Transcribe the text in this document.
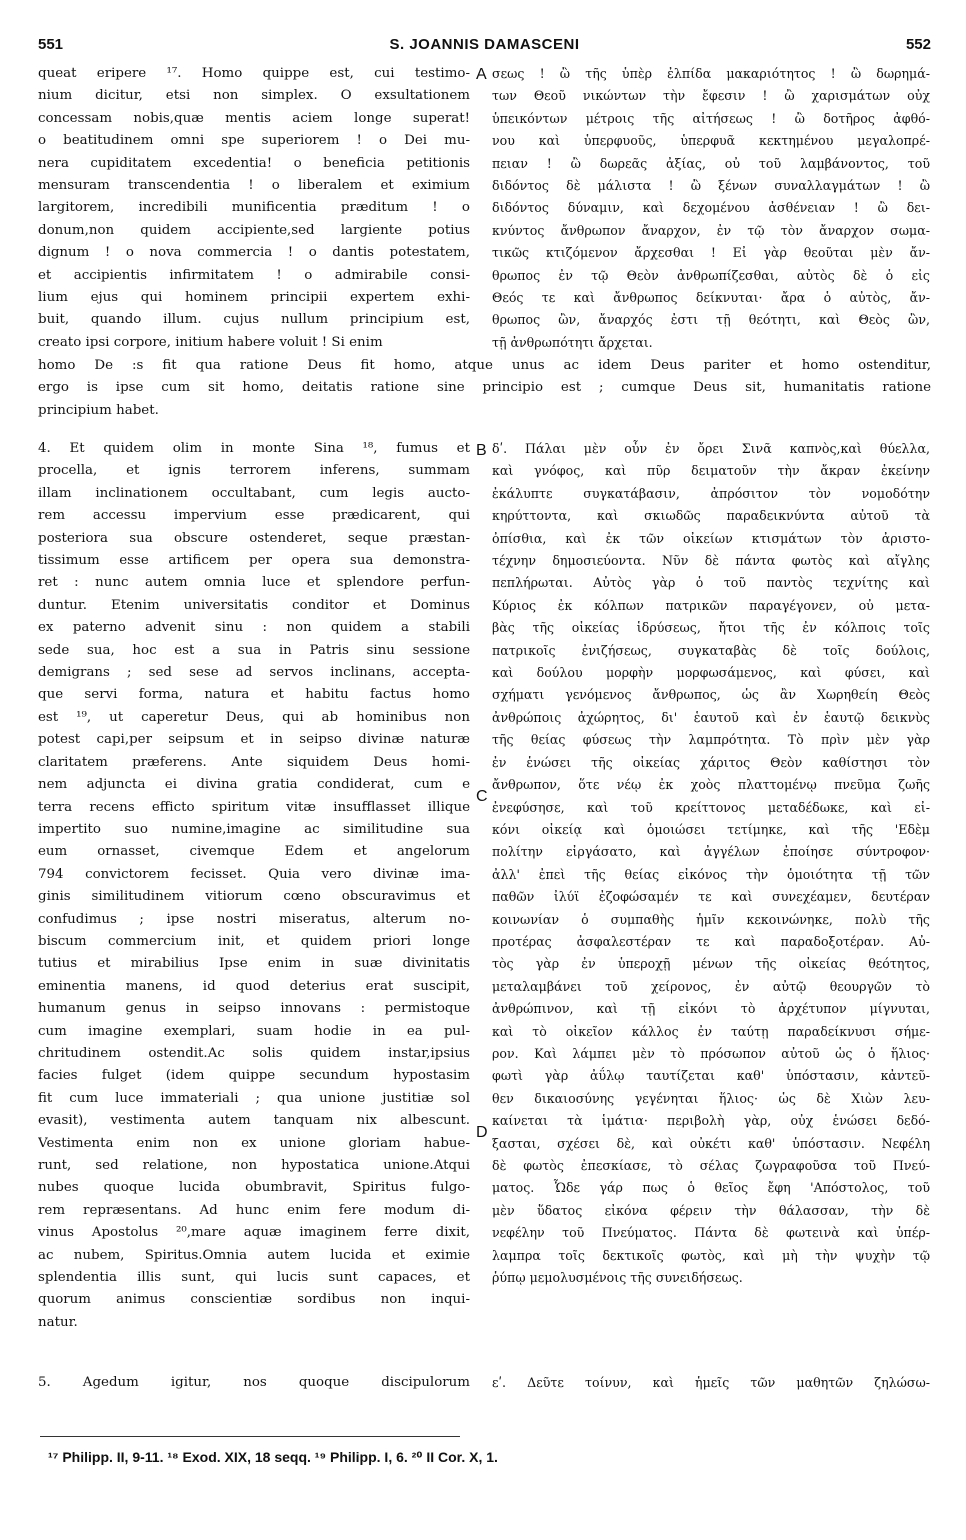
551	S. JOANNIS DAMASCENI	552
queat eripere ¹⁷. Homo quippe est, cui testimo-
nium dicitur, etsi non simplex. O exsultationem
concessam nobis,quæ mentis aciem longe superat!
o beatitudinem omni spe superiorem ! o Dei mu-
nera cupiditatem excedentia! o beneficia petitionis
mensuram transcendentia ! o liberalem et eximium
largitorem, incredibili munificentia præditum ! o
donum,non quidem accipiente,sed largiente potius
dignum ! o nova commercia ! o dantis potestatem,
et accipientis infirmitatem ! o admirabile consi-
lium ejus qui hominem principii expertem exhi-
buit, quando illum. cujus nullum principium est,
creato ipsi corpore, initium habere voluit ! Si enim
σεως ! ὢ τῆς ὑπὲρ ἐλπίδα μακαριότητος ! ὢ δωρημά-
των Θεοῦ νικώντων τὴν ἔφεσιν ! ὢ χαρισμάτων οὐχ
ὑπεικόντων μέτροις τῆς αἰτήσεως ! ὢ δοτῆρος ἀφθό-
νου καὶ ὑπερφυοῦς, ὑπερφυᾶ κεκτημένου μεγαλοπρέ-
πειαν ! ὢ δωρεᾶς ἀξίας, οὐ τοῦ λαμβάνοντος, τοῦ
διδόντος δὲ μάλιστα ! ὢ ξένων συναλλαγμάτων ! ὢ
διδόντος δύναμιν, καὶ δεχομένου ἀσθένειαν ! ὢ δει-
κνύντος ἄνθρωπον ἄναρχον, ἐν τῷ τὸν ἄναρχον σωμα-
τικῶς κτιζόμενον ἄρχεσθαι ! Εἰ γὰρ θεοῦται μὲν ἄν-
θρωπος ἐν τῷ Θεὸν ἀνθρωπίζεσθαι, αὐτὸς δὲ ὁ εἰς
Θεός τε καὶ ἄνθρωπος δείκνυται· ἄρα ὁ αὐτὸς, ἄν-
θρωπος ὢν, ἄναρχός ἐστι τῇ θεότητι, καὶ Θεὸς ὢν,
τῇ ἀνθρωπότητι ἄρχεται.
homo De :s fit qua ratione Deus fit homo, atque unus ac idem Deus pariter et homo ostenditur,
ergo is ipse cum sit homo, deitatis ratione sine principio est ; cumque Deus sit, humanitatis ratione
principium habet.
4. Et quidem olim in monte Sina ¹⁸, fumus et
procella, et ignis terrorem inferens, summam
illam inclinationem occultabant, cum legis aucto-
rem accessu impervium esse prædicarent, qui
posteriora sua obscure ostenderet, seque præstan-
tissimum esse artificem per opera sua demonstra-
ret : nunc autem omnia luce et splendore perfun-
duntur. Etenim universitatis conditor et Dominus
ex paterno advenit sinu : non quidem a stabili
sede sua, hoc est a sua in Patris sinu sessione
demigrans ; sed sese ad servos inclinans, accepta-
que servi forma, natura et habitu factus homo
est ¹⁹, ut caperetur Deus, qui ab hominibus non
potest capi,per seipsum et in seipso divinæ naturæ
claritatem præferens. Ante siquidem Deus homi-
nem adjuncta ei divina gratia condiderat, cum e
terra recens efficto spiritum vitæ insufflasset illique
impertito suo numine,imagine ac similitudine sua
eum ornasset, civemque Edem et angelorum
794 convictorem fecisset. Quia vero divinæ ima-
ginis similitudinem vitiorum cœno obscuravimus et
confudimus ; ipse nostri miseratus, alterum no-
biscum commercium init, et quidem priori longe
tutius et mirabilius Ipse enim in suæ divinitatis
eminentia manens, id quod deterius erat suscipit,
humanum genus in seipso innovans : permistoque
cum imagine exemplari, suam hodie in ea pul-
chritudinem ostendit.Ac solis quidem instar,ipsius
facies fulget (idem quippe secundum hypostasim
fit cum luce immateriali ; qua unione justitiæ sol
evasit), vestimenta autem tanquam nix albescunt.
Vestimenta enim non ex unione gloriam habue-
runt, sed relatione, non hypostatica unione.Atqui
nubes quoque lucida obumbravit, Spiritus fulgo-
rem repræsentans. Ad hunc enim fere modum di-
vinus Apostolus ²⁰,mare aquæ imaginem ferre dixit,
ac nubem, Spiritus.Omnia autem lucida et eximie
splendentia illis sunt, qui lucis sunt capaces, et
quorum animus conscientiæ sordibus non inqui-
natur.
δʹ. Πάλαι μὲν οὖν ἐν ὄρει Σινᾶ καπνὸς,καὶ θύελλα,
καὶ γνόφος, καὶ πῦρ δειματοῦν τὴν ἄκραν ἐκείνην
ἐκάλυπτε συγκατάβασιν, ἀπρόσιτον τὸν νομοδότην
κηρύττοντα, καὶ σκιωδῶς παραδεικνύντα αὐτοῦ τὰ
ὀπίσθια, καὶ ἐκ τῶν οἰκείων κτισμάτων τὸν ἀριστο-
τέχνην δημοσιεύοντα. Νῦν δὲ πάντα φωτὸς καὶ αἴγλης
πεπλήρωται. Αὐτὸς γὰρ ὁ τοῦ παντὸς τεχνίτης καὶ
Κύριος ἐκ κόλπων πατρικῶν παραγέγονεν, οὐ μετα-
βὰς τῆς οἰκείας ἱδρύσεως, ἤτοι τῆς ἐν κόλποις τοῖς
πατρικοῖς ἐνιζήσεως, συγκαταβὰς δὲ τοῖς δούλοις,
καὶ δούλου μορφὴν μορφωσάμενος, καὶ φύσει, καὶ
σχήματι γενόμενος ἄνθρωπος, ὡς ἂν Χωρηθείη Θεὸς
ἀνθρώποις ἀχώρητος, δι' ἑαυτοῦ καὶ ἐν ἑαυτῷ δεικνὺς
τῆς θείας φύσεως τὴν λαμπρότητα. Τὸ πρὶν μὲν γὰρ
ἐν ἑνώσει τῆς οἰκείας χάριτος Θεὸν καθίστησι τὸν
ἄνθρωπον, ὅτε νέῳ ἐκ χοὸς πλαττομένῳ πνεῦμα ζωῆς
ἐνεφύσησε, καὶ τοῦ κρείττονος μεταδέδωκε, καὶ εἰ-
κόνι οἰκείᾳ καὶ ὁμοιώσει τετίμηκε, καὶ τῆς 'Εδὲμ
πολίτην εἰργάσατο, καὶ ἀγγέλων ἐποίησε σύντροφον·
ἀλλ' ἐπεὶ τῆς θείας εἰκόνος τὴν ὁμοιότητα τῇ τῶν
παθῶν ἰλύϊ ἐζοφώσαμέν τε καὶ συνεχέαμεν, δευτέραν
κοινωνίαν ὁ συμπαθὴς ἡμῖν κεκοινώνηκε, πολὺ τῆς
προτέρας ἀσφαλεστέραν τε καὶ παραδοξοτέραν. Αὐ-
τὸς γὰρ ἐν ὑπεροχῇ μένων τῆς οἰκείας θεότητος,
μεταλαμβάνει τοῦ χείρονος, ἐν αὐτῷ θεουργῶν τὸ
ἀνθρώπινον, καὶ τῇ εἰκόνι τὸ ἀρχέτυπον μίγνυται,
καὶ τὸ οἰκεῖον κάλλος ἐν ταύτῃ παραδείκνυσι σήμε-
ρον. Καὶ λάμπει μὲν τὸ πρόσωπον αὐτοῦ ὡς ὁ ἥλιος·
φωτὶ γὰρ ἀΰλῳ ταυτίζεται καθ' ὑπόστασιν, κἀντεῦ-
θεν δικαιοσύνης γεγένηται ἥλιος· ὡς δὲ Χιὼν λευ-
καίνεται τὰ ἱμάτια· περιβολὴ γὰρ, οὐχ ἑνώσει δεδό-
ξασται, σχέσει δὲ, καὶ οὐκέτι καθ' ὑπόστασιν. Νεφέλη
δὲ φωτὸς ἐπεσκίασε, τὸ σέλας ζωγραφοῦσα τοῦ Πνεύ-
ματος. Ὧδε γάρ πως ὁ θεῖος ἔφη 'Απόστολος, τοῦ
μὲν ὕδατος εἰκόνα φέρειν τὴν θάλασσαν, τὴν δὲ
νεφέλην τοῦ Πνεύματος. Πάντα δὲ φωτεινὰ καὶ ὑπέρ-
λαμπρα τοῖς δεκτικοῖς φωτὸς, καὶ μὴ τὴν ψυχὴν τῷ
ῥύπῳ μεμολυσμένοις τῆς συνειδήσεως.
5. Agedum igitur, nos quoque discipulorum εʹ. Δεῦτε τοίνυν, καὶ ἡμεῖς τῶν μαθητῶν ζηλώσω-
A
B
C
D
¹⁷ Philipp. II, 9-11. ¹⁸ Exod. XIX, 18 seqq. ¹⁹ Philipp. I, 6. ²⁰ II Cor. X, 1.
